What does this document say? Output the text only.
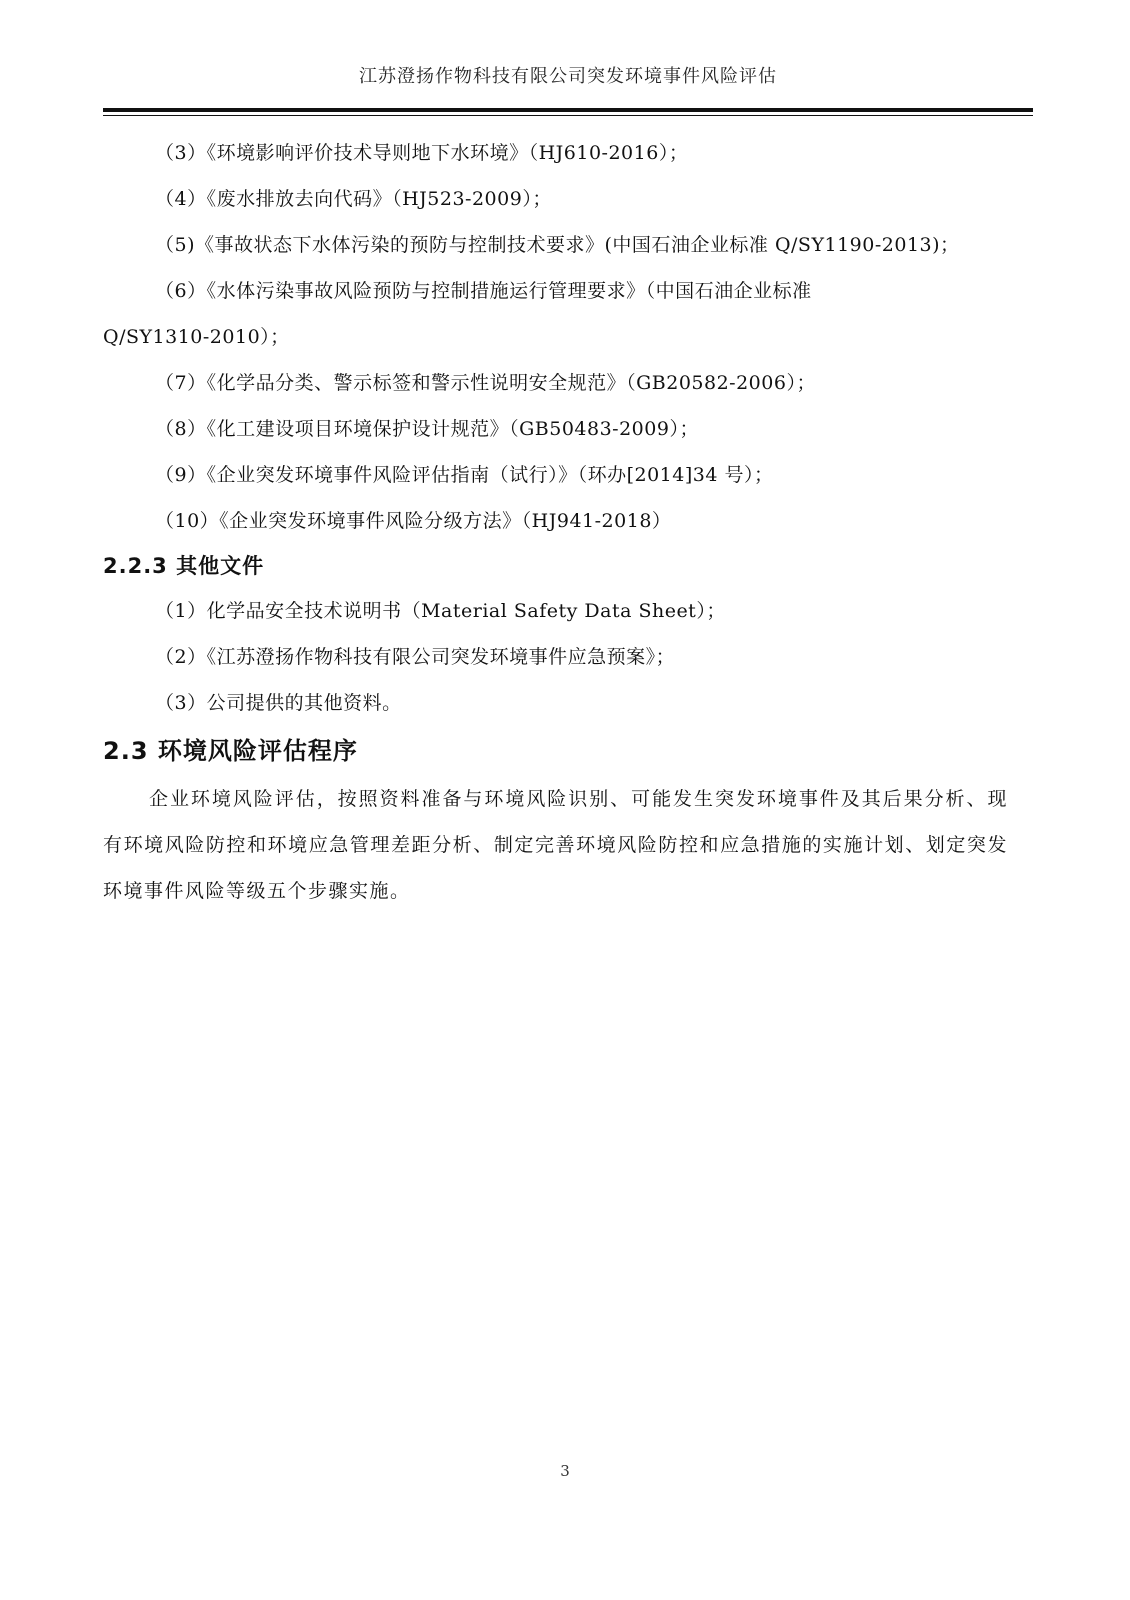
江苏澄扬作物科技有限公司突发环境事件风险评估
（3）《环境影响评价技术导则地下水环境》（HJ610-2016）；
（4）《废水排放去向代码》（HJ523-2009）；
（5)《事故状态下水体污染的预防与控制技术要求》(中国石油企业标准 Q/SY1190-2013)；
（6）《水体污染事故风险预防与控制措施运行管理要求》（中国石油企业标准
Q/SY1310-2010）；
（7）《化学品分类、警示标签和警示性说明安全规范》（GB20582-2006）；
（8）《化工建设项目环境保护设计规范》（GB50483-2009）；
（9）《企业突发环境事件风险评估指南（试行）》（环办[2014]34 号）；
（10）《企业突发环境事件风险分级方法》（HJ941-2018）
2.2.3 其他文件
（1）化学品安全技术说明书（Material Safety Data Sheet）；
（2）《江苏澄扬作物科技有限公司突发环境事件应急预案》；
（3）公司提供的其他资料。
2.3 环境风险评估程序
企业环境风险评估，按照资料准备与环境风险识别、可能发生突发环境事件及其后果分析、现有环境风险防控和环境应急管理差距分析、制定完善环境风险防控和应急措施的实施计划、划定突发环境事件风险等级五个步骤实施。
3
